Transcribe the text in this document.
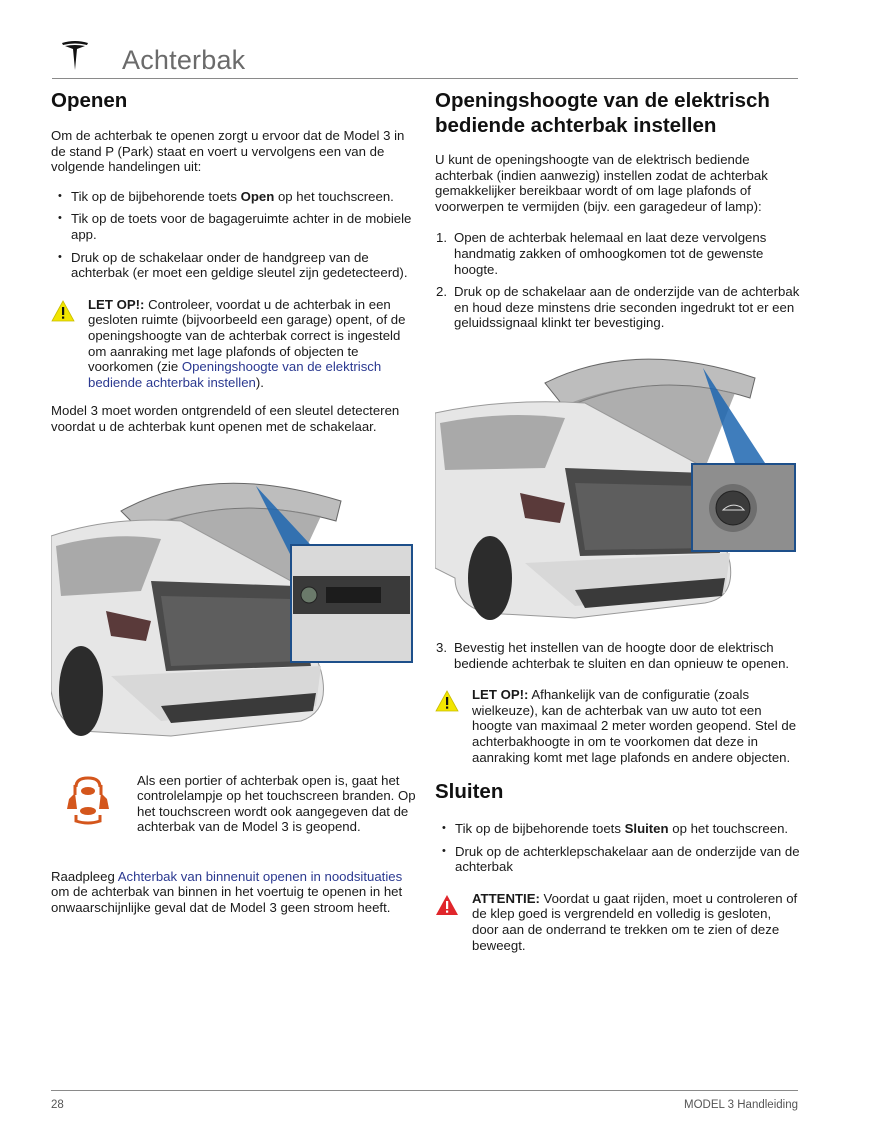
Achterbak
Openen

Om de achterbak te openen zorgt u ervoor dat de Model 3 in de stand P (Park) staat en voert u vervolgens een van de volgende handelingen uit:

• Tik op de bijbehorende toets Open op het touchscreen.
• Tik op de toets voor de bagageruimte achter in de mobiele app.
• Druk op de schakelaar onder de handgreep van de achterbak (er moet een geldige sleutel zijn gedetecteerd).

LET OP!: Controleer, voordat u de achterbak in een gesloten ruimte (bijvoorbeeld een garage) opent, of de openingshoogte van de achterbak correct is ingesteld om aanraking met lage plafonds of objecten te voorkomen (zie Openingshoogte van de elektrisch bediende achterbak instellen).

Model 3 moet worden ontgrendeld of een sleutel detecteren voordat u de achterbak kunt openen met de schakelaar.

Als een portier of achterbak open is, gaat het controlelampje op het touchscreen branden. Op het touchscreen wordt ook aangegeven dat de achterbak van de Model 3 is geopend.

Raadpleeg Achterbak van binnenuit openen in noodsituaties om de achterbak van binnen in het voertuig te openen in het onwaarschijnlijke geval dat de Model 3 geen stroom heeft.

Openingshoogte van de elektrisch bediende achterbak instellen

U kunt de openingshoogte van de elektrisch bediende achterbak (indien aanwezig) instellen zodat de achterbak gemakkelijker bereikbaar wordt of om lage plafonds of voorwerpen te vermijden (bijv. een garagedeur of lamp):

1. Open de achterbak helemaal en laat deze vervolgens handmatig zakken of omhoogkomen tot de gewenste hoogte.
2. Druk op de schakelaar aan de onderzijde van de achterbak en houd deze minstens drie seconden ingedrukt tot er een geluidssignaal klinkt ter bevestiging.
3. Bevestig het instellen van de hoogte door de elektrisch bediende achterbak te sluiten en dan opnieuw te openen.

LET OP!: Afhankelijk van de configuratie (zoals wielkeuze), kan de achterbak van uw auto tot een hoogte van maximaal 2 meter worden geopend. Stel de achterbakhoogte in om te voorkomen dat deze in aanraking komt met lage plafonds en andere objecten.

Sluiten
• Tik op de bijbehorende toets Sluiten op het touchscreen.
• Druk op de achterklepschakelaar aan de onderzijde van de achterbak

ATTENTIE: Voordat u gaat rijden, moet u controleren of de klep goed is vergrendeld en volledig is gesloten, door aan de onderrand te trekken om te zien of deze beweegt.

28	MODEL 3 Handleiding
